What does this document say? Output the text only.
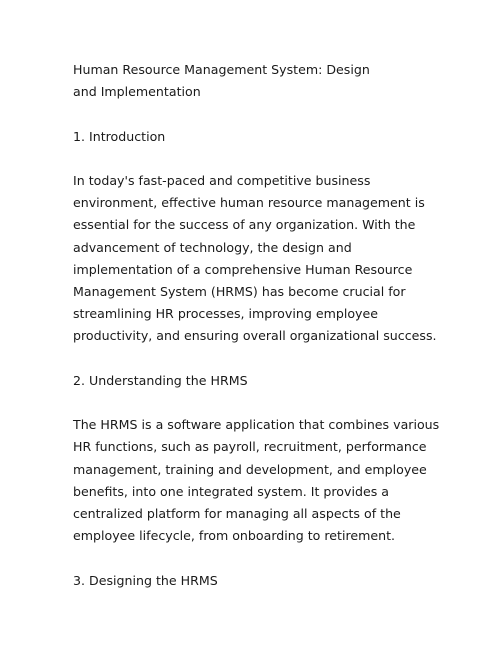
Human Resource Management System: Design and Implementation

1. Introduction

In today's fast-paced and competitive business environment, effective human resource management is essential for the success of any organization. With the advancement of technology, the design and implementation of a comprehensive Human Resource Management System (HRMS) has become crucial for streamlining HR processes, improving employee productivity, and ensuring overall organizational success.

2. Understanding the HRMS

The HRMS is a software application that combines various HR functions, such as payroll, recruitment, performance management, training and development, and employee benefits, into one integrated system. It provides a centralized platform for managing all aspects of the employee lifecycle, from onboarding to retirement.

3. Designing the HRMS
